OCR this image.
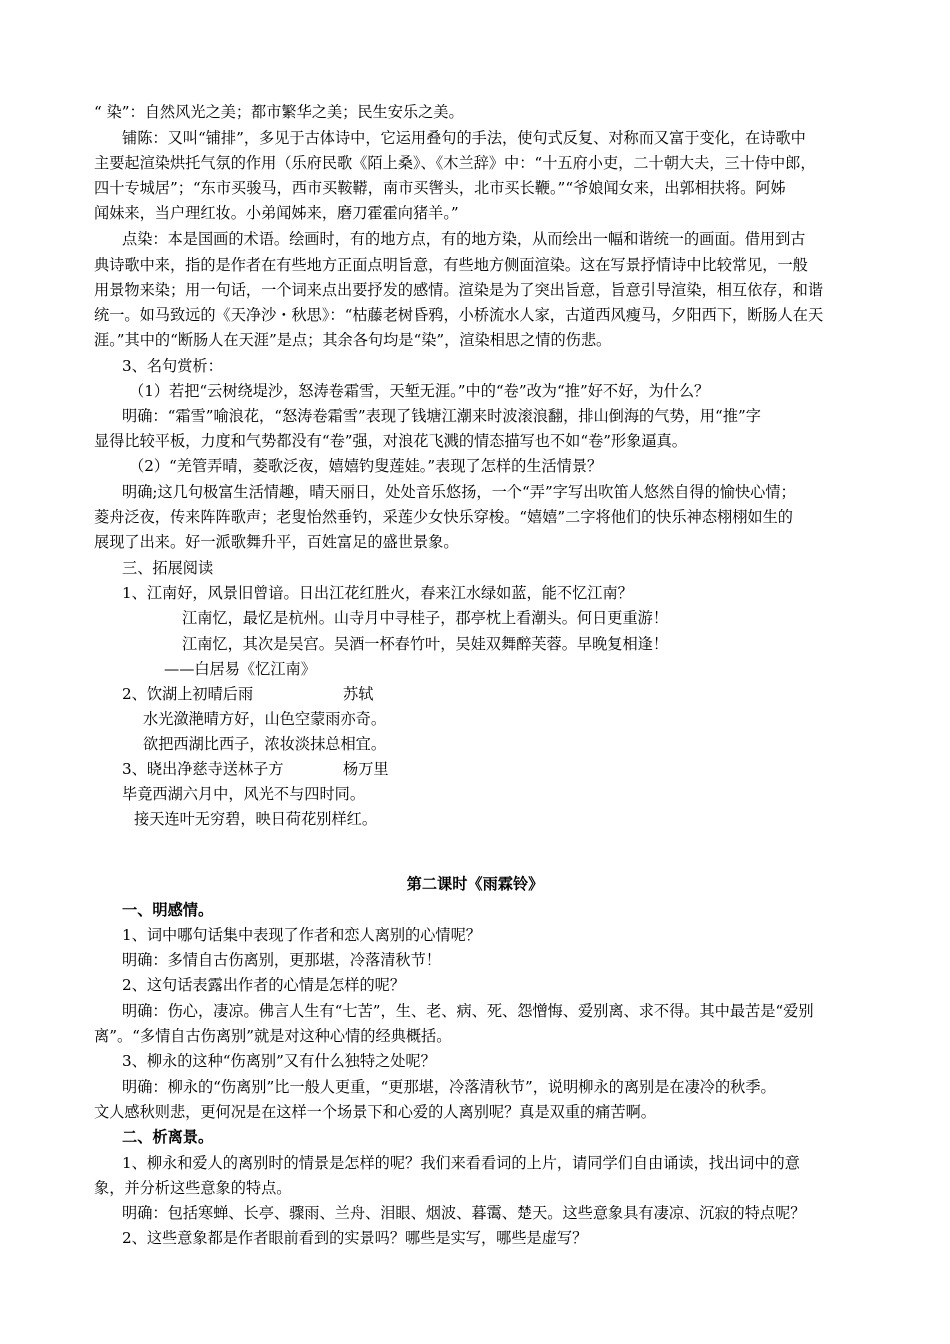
“ 染”：自然风光之美；都市繁华之美；民生安乐之美。
铺陈：又叫“铺排”，多见于古体诗中，它运用叠句的手法，使句式反复、对称而又富于变化，在诗歌中
主要起渲染烘托气氛的作用（乐府民歌《陌上桑》、《木兰辞》中：“十五府小吏，二十朝大夫，三十侍中郎，
四十专城居”；“东市买骏马，西市买鞍鞯，南市买辔头，北市买长鞭。”“爷娘闻女来，出郭相扶将。阿姊
闻妹来，当户理红妆。小弟闻姊来，磨刀霍霍向猪羊。”
点染：本是国画的术语。绘画时，有的地方点，有的地方染，从而绘出一幅和谐统一的画面。借用到古
典诗歌中来，指的是作者在有些地方正面点明旨意，有些地方侧面渲染。这在写景抒情诗中比较常见，一般
用景物来染；用一句话，一个词来点出要抒发的感情。渲染是为了突出旨意，旨意引导渲染，相互依存，和谐
统一。如马致远的《天净沙・秋思》：“枯藤老树昏鸦，小桥流水人家，古道西风瘦马，夕阳西下，断肠人在天
涯。”其中的“断肠人在天涯”是点；其余各句均是“染”，渲染相思之情的伤悲。
3、名句赏析：
（1）若把“云树绕堤沙，怒涛卷霜雪，天堑无涯。”中的“卷”改为“推”好不好，为什么？
明确：“霜雪”喻浪花，“怒涛卷霜雪”表现了钱塘江潮来时波滚浪翻，排山倒海的气势，用“推”字
显得比较平板，力度和气势都没有“卷”强，对浪花飞溅的情态描写也不如“卷”形象逼真。
（2）“羌管弄晴，菱歌泛夜，嬉嬉钓叟莲娃。”表现了怎样的生活情景？
明确;这几句极富生活情趣，晴天丽日，处处音乐悠扬，一个“弄”字写出吹笛人悠然自得的愉快心情；
菱舟泛夜，传来阵阵歌声；老叟怡然垂钓，采莲少女快乐穿梭。“嬉嬉”二字将他们的快乐神态栩栩如生的
展现了出来。好一派歌舞升平，百姓富足的盛世景象。
三、拓展阅读
1、江南好，风景旧曾谙。日出江花红胜火，春来江水绿如蓝，能不忆江南？
江南忆，最忆是杭州。山寺月中寻桂子，郡亭枕上看潮头。何日更重游！
江南忆，其次是吴宫。吴酒一杯春竹叶，吴娃双舞醉芙蓉。早晚复相逢！
——白居易《忆江南》
2、饮湖上初晴后雨	苏轼
水光潋滟晴方好，山色空蒙雨亦奇。
欲把西湖比西子，浓妆淡抹总相宜。
3、晓出净慈寺送林子方	杨万里
毕竟西湖六月中，风光不与四时同。
接天连叶无穷碧，映日荷花别样红。
第二课时《雨霖铃》
一、明感情。
1、词中哪句话集中表现了作者和恋人离别的心情呢？
明确：多情自古伤离别，更那堪，冷落清秋节！
2、这句话表露出作者的心情是怎样的呢？
明确：伤心，凄凉。佛言人生有“七苦”，生、老、病、死、怨憎悔、爱别离、求不得。其中最苦是“爱别
离”。“多情自古伤离别”就是对这种心情的经典概括。
3、柳永的这种“伤离别”又有什么独特之处呢？
明确：柳永的“伤离别”比一般人更重，“更那堪，冷落清秋节”，说明柳永的离别是在凄冷的秋季。
文人感秋则悲，更何况是在这样一个场景下和心爱的人离别呢？真是双重的痛苦啊。
二、析离景。
1、柳永和爱人的离别时的情景是怎样的呢？我们来看看词的上片，请同学们自由诵读，找出词中的意
象，并分析这些意象的特点。
明确：包括寒蝉、长亭、骤雨、兰舟、泪眼、烟波、暮霭、楚天。这些意象具有凄凉、沉寂的特点呢？
2、这些意象都是作者眼前看到的实景吗？哪些是实写，哪些是虚写？
